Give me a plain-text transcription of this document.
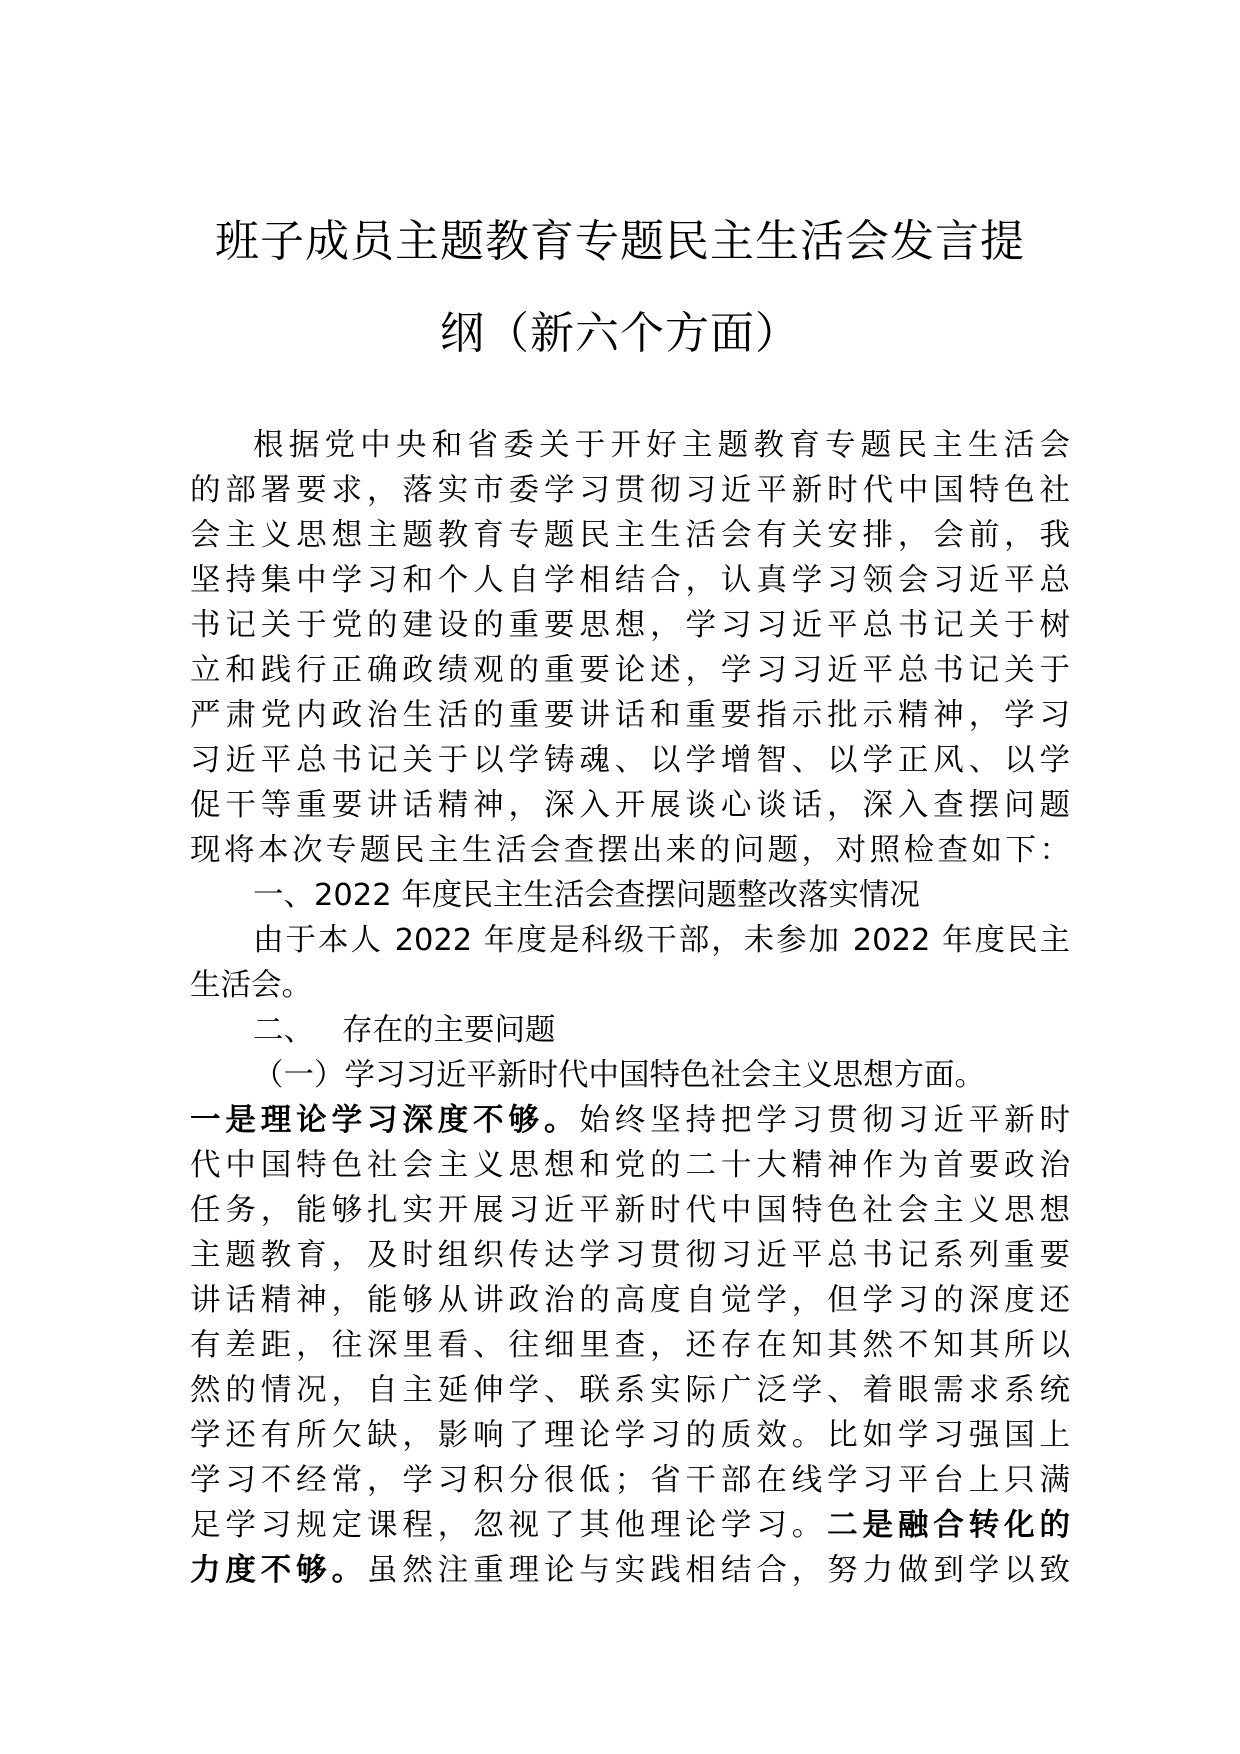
班子成员主题教育专题民主生活会发言提
纲（新六个方面）
根据党中央和省委关于开好主题教育专题民主生活会
的部署要求，落实市委学习贯彻习近平新时代中国特色社
会主义思想主题教育专题民主生活会有关安排，会前，我
坚持集中学习和个人自学相结合，认真学习领会习近平总
书记关于党的建设的重要思想，学习习近平总书记关于树
立和践行正确政绩观的重要论述，学习习近平总书记关于
严肃党内政治生活的重要讲话和重要指示批示精神，学习
习近平总书记关于以学铸魂、以学增智、以学正风、以学
促干等重要讲话精神，深入开展谈心谈话，深入查摆问题
现将本次专题民主生活会查摆出来的问题，对照检查如下：
一、2022 年度民主生活会查摆问题整改落实情况
由于本人 2022 年度是科级干部，未参加 2022 年度民主
生活会。
二、 存在的主要问题
（一）学习习近平新时代中国特色社会主义思想方面。
一是理论学习深度不够。始终坚持把学习贯彻习近平新时
代中国特色社会主义思想和党的二十大精神作为首要政治
任务，能够扎实开展习近平新时代中国特色社会主义思想
主题教育，及时组织传达学习贯彻习近平总书记系列重要
讲话精神，能够从讲政治的高度自觉学，但学习的深度还
有差距，往深里看、往细里查，还存在知其然不知其所以
然的情况，自主延伸学、联系实际广泛学、着眼需求系统
学还有所欠缺，影响了理论学习的质效。比如学习强国上
学习不经常，学习积分很低；省干部在线学习平台上只满
足学习规定课程，忽视了其他理论学习。二是融合转化的
力度不够。虽然注重理论与实践相结合，努力做到学以致
